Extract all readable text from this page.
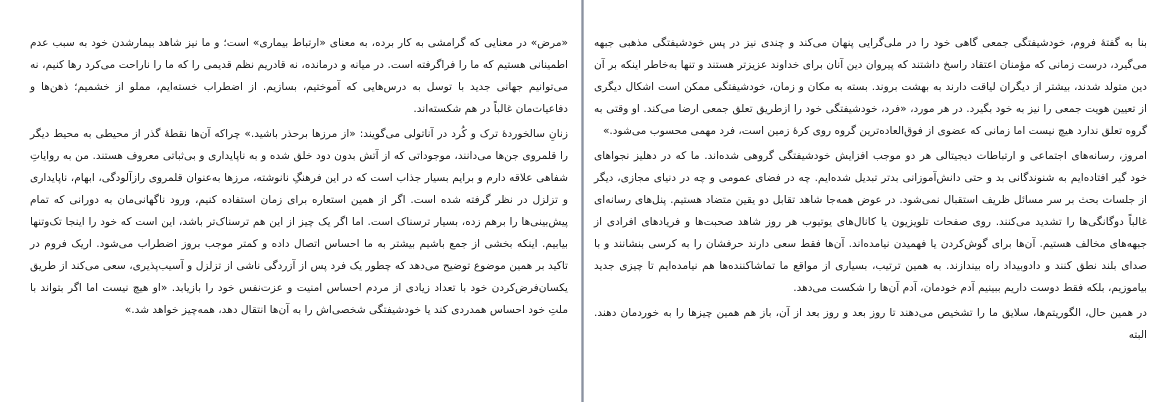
«مرض» در معنایی که گرامشی به کار برده، به معنای «ارتباط بیماری» است؛ و ما نیز شاهد بیمارشدن خود به سبب عدم اطمینانی هستیم که ما را فراگرفته است. در میانه و درمانده، نه قادریم نظم قدیمی را که ما را ناراحت می‌کرد رها کنیم، نه می‌توانیم جهانی جدید با توسل به درس‌هایی که آموختیم، بسازیم. از اضطراب خسته‌ایم، مملو از خشمیم؛ ذهن‌ها و دفاعیات‌مان غالباً در هم شکسته‌اند.

زنانِ سالخوردهٔ ترک و کُرد در آناتولی می‌گویند: «از مرزها برحذر باشید.» چراکه آن‌ها نقطهٔ گذر از محیطی به محیط دیگر را قلمروی جن‌ها می‌دانند، موجوداتی که از آتش بدون دود خلق شده و به ناپایداری و بی‌ثباتی معروف هستند. من به روایاتِ شفاهی علاقه دارم و برایم بسیار جذاب است که در این فرهنگِ نانوشته، مرزها به‌عنوان قلمروی رازآلودگی، ابهام، ناپایداری و تزلزل در نظر گرفته شده است. اگر از همین استعاره برای زمان استفاده کنیم، ورود ناگهانی‌مان به دورانی که تمام پیش‌بینی‌ها را برهم زده، بسیار ترسناک است. اما اگر یک چیز از این هم ترسناک‌تر باشد، این است که خود را اینجا تک‌وتنها بیابیم. اینکه بخشی از جمع باشیم بیشتر به ما احساس اتصال داده و کمتر موجب بروز اضطراب می‌شود. اریک فروم در تاکید بر همین موضوع توضیح می‌دهد که چطور یک فرد پس از آزردگی ناشی از تزلزل و آسیب‌پذیری، سعی می‌کند از طریق یکسان‌فرض‌کردن خود با تعداد زیادی از مردم احساس امنیت و عزت‌نفس خود را بازیابد. «او هیچ نیست اما اگر بتواند با ملتِ خود احساس همدردی کند یا خودشیفتگی شخصی‌اش را به آن‌ها انتقال دهد، همه‌چیز خواهد شد.»

بنا به گفتهٔ فروم، خودشیفتگی جمعی گاهی خود را در ملی‌گرایی پنهان می‌کند و چندی نیز در پس خودشیفتگی مذهبی جبهه می‌گیرد، درست زمانی که مؤمنان اعتقاد راسخ داشتند که پیروان دین آنان برای خداوند عزیزتر هستند و تنها به‌خاطر اینکه بر آن دین متولد شدند، بیشتر از دیگران لیاقت دارند به بهشت بروند. بسته به مکان و زمان، خودشیفتگی ممکن است اشکال دیگری از تعیین هویت جمعی را نیز به خود بگیرد. در هر مورد، «فرد، خودشیفتگی خود را ازطریق تعلق جمعی ارضا می‌کند. او وقتی به گروه تعلق ندارد هیچ نیست اما زمانی که عضوی از فوق‌العاده‌ترین گروه روی کرهٔ زمین است، فرد مهمی محسوب می‌شود.»

امروز، رسانه‌های اجتماعی و ارتباطات دیجیتالی هر دو موجب افزایش خودشیفتگی گروهی شده‌اند. ما که در دهلیز نجواهای خود گیر افتاده‌ایم به شنوندگانی بد و حتی دانش‌آموزانی بدتر تبدیل شده‌ایم. چه در فضای عمومی و چه در دنیای مجازی، دیگر از جلسات بحث بر سر مسائل ظریف استقبال نمی‌شود. در عوض همه‌جا شاهد تقابل دو یقین متضاد هستیم. پنل‌های رسانه‌ای غالباً دوگانگی‌ها را تشدید می‌کنند. روی صفحات تلویزیون یا کانال‌های یوتیوب هر روز شاهد صحبت‌ها و فریادهای افرادی از جبهه‌های مخالف هستیم. آن‌ها برای گوش‌کردن یا فهمیدن نیامده‌اند. آن‌ها فقط سعی دارند حرفشان را به کرسی بنشانند و با صدای بلند نطق کنند و دادوبیداد راه بیندازند. به همین ترتیب، بسیاری از مواقع ما تماشاکننده‌ها هم نیامده‌ایم تا چیزی جدید بیاموزیم، بلکه فقط دوست داریم ببینیم آدم خودمان، آدم آن‌ها را شکست می‌دهد.

در همین حال، الگوریتم‌ها، سلایق ما را تشخیص می‌دهند تا روز بعد و روز بعد از آن، باز هم همین چیزها را به خوردمان دهند. البته
